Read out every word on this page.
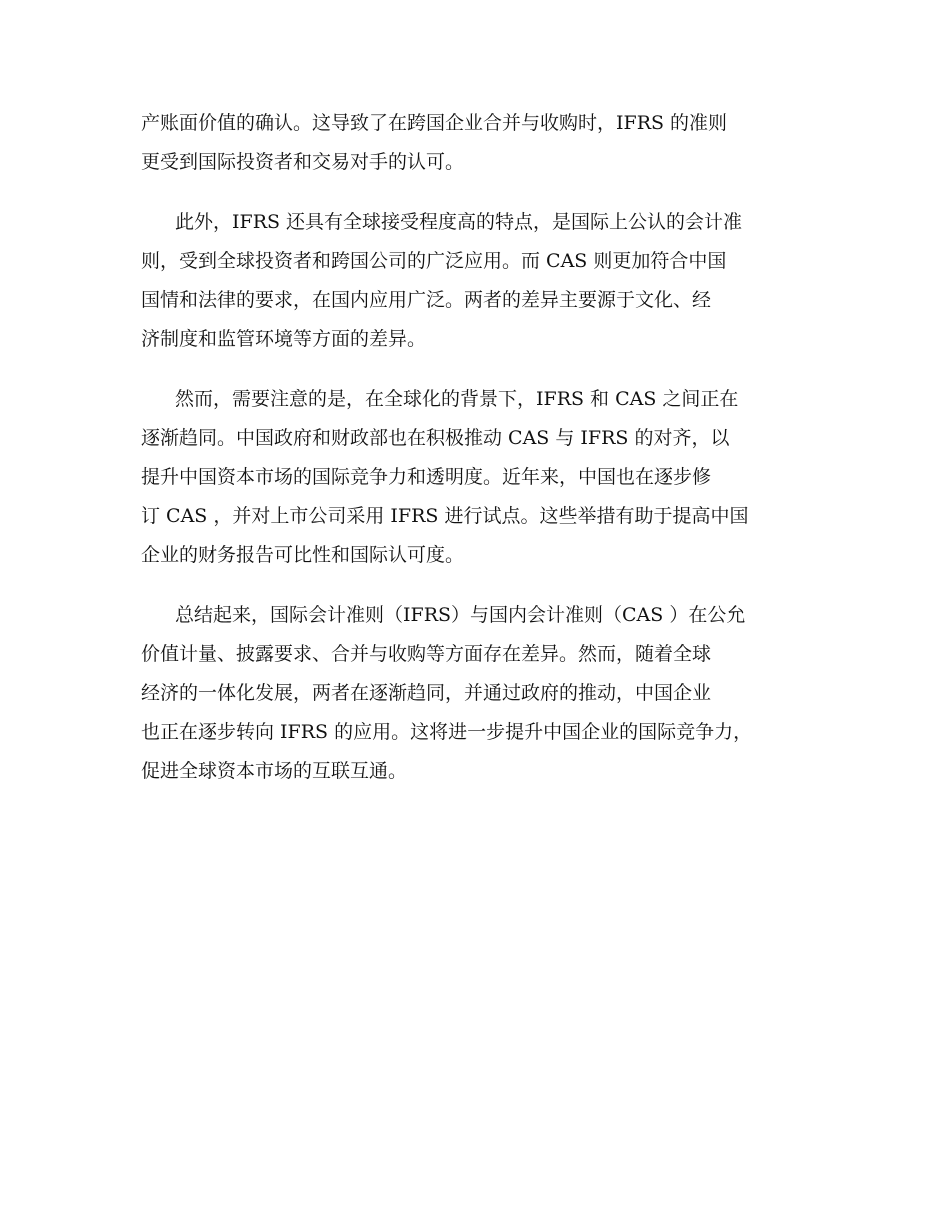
产账面价值的确认。这导致了在跨国企业合并与收购时，IFRS 的准则
更受到国际投资者和交易对手的认可。

此外，IFRS 还具有全球接受程度高的特点，是国际上公认的会计准
则，受到全球投资者和跨国公司的广泛应用。而 CAS 则更加符合中国
国情和法律的要求，在国内应用广泛。两者的差异主要源于文化、经
济制度和监管环境等方面的差异。

然而，需要注意的是，在全球化的背景下，IFRS 和 CAS 之间正在
逐渐趋同。中国政府和财政部也在积极推动 CAS 与 IFRS 的对齐，以
提升中国资本市场的国际竞争力和透明度。近年来，中国也在逐步修
订 CAS ，并对上市公司采用 IFRS 进行试点。这些举措有助于提高中国
企业的财务报告可比性和国际认可度。

总结起来，国际会计准则（IFRS）与国内会计准则（CAS ）在公允
价值计量、披露要求、合并与收购等方面存在差异。然而，随着全球
经济的一体化发展，两者在逐渐趋同，并通过政府的推动，中国企业
也正在逐步转向 IFRS 的应用。这将进一步提升中国企业的国际竞争力，
促进全球资本市场的互联互通。
